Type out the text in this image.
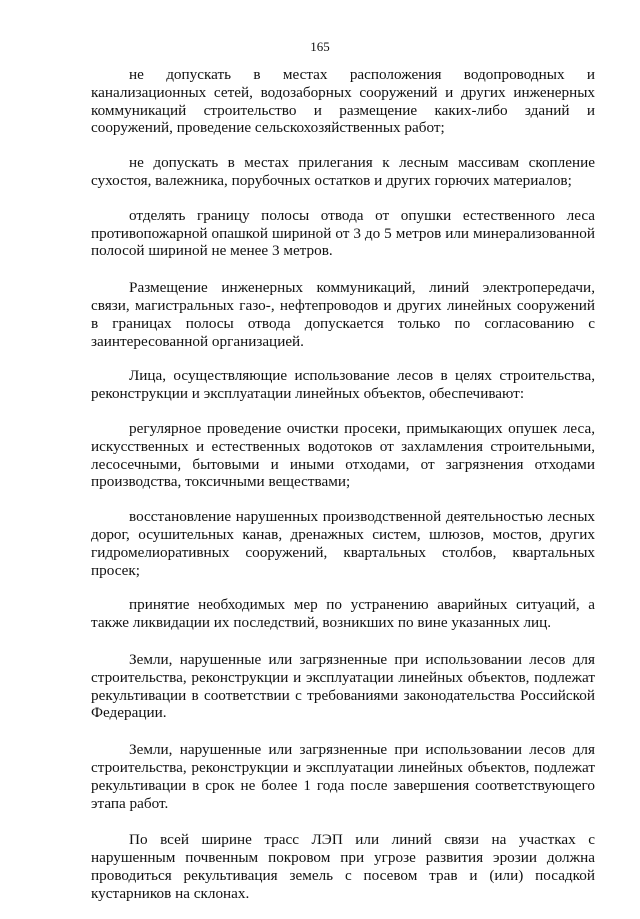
165

не допускать в местах расположения водопроводных и канализационных сетей, водозаборных сооружений и других инженерных коммуникаций строительство и размещение каких-либо зданий и сооружений, проведение сельскохозяйственных работ;

не допускать в местах прилегания к лесным массивам скопление сухостоя, валежника, порубочных остатков и других горючих материалов;

отделять границу полосы отвода от опушки естественного леса противопожарной опашкой шириной от 3 до 5 метров или минерализованной полосой шириной не менее 3 метров.

Размещение инженерных коммуникаций, линий электропередачи, связи, магистральных газо-, нефтепроводов и других линейных сооружений в границах полосы отвода допускается только по согласованию с заинтересованной организацией.

Лица, осуществляющие использование лесов в целях строительства, реконструкции и эксплуатации линейных объектов, обеспечивают:

регулярное проведение очистки просеки, примыкающих опушек леса, искусственных и естественных водотоков от захламления строительными, лесосечными, бытовыми и иными отходами, от загрязнения отходами производства, токсичными веществами;

восстановление нарушенных производственной деятельностью лесных дорог, осушительных канав, дренажных систем, шлюзов, мостов, других гидромелиоративных сооружений, квартальных столбов, квартальных просек;

принятие необходимых мер по устранению аварийных ситуаций, а также ликвидации их последствий, возникших по вине указанных лиц.

Земли, нарушенные или загрязненные при использовании лесов для строительства, реконструкции и эксплуатации линейных объектов, подлежат рекультивации в соответствии с требованиями законодательства Российской Федерации.

Земли, нарушенные или загрязненные при использовании лесов для строительства, реконструкции и эксплуатации линейных объектов, подлежат рекультивации в срок не более 1 года после завершения соответствующего этапа работ.

По всей ширине трасс ЛЭП или линий связи на участках с нарушенным почвенным покровом при угрозе развития эрозии должна проводиться рекультивация земель с посевом трав и (или) посадкой кустарников на склонах.
